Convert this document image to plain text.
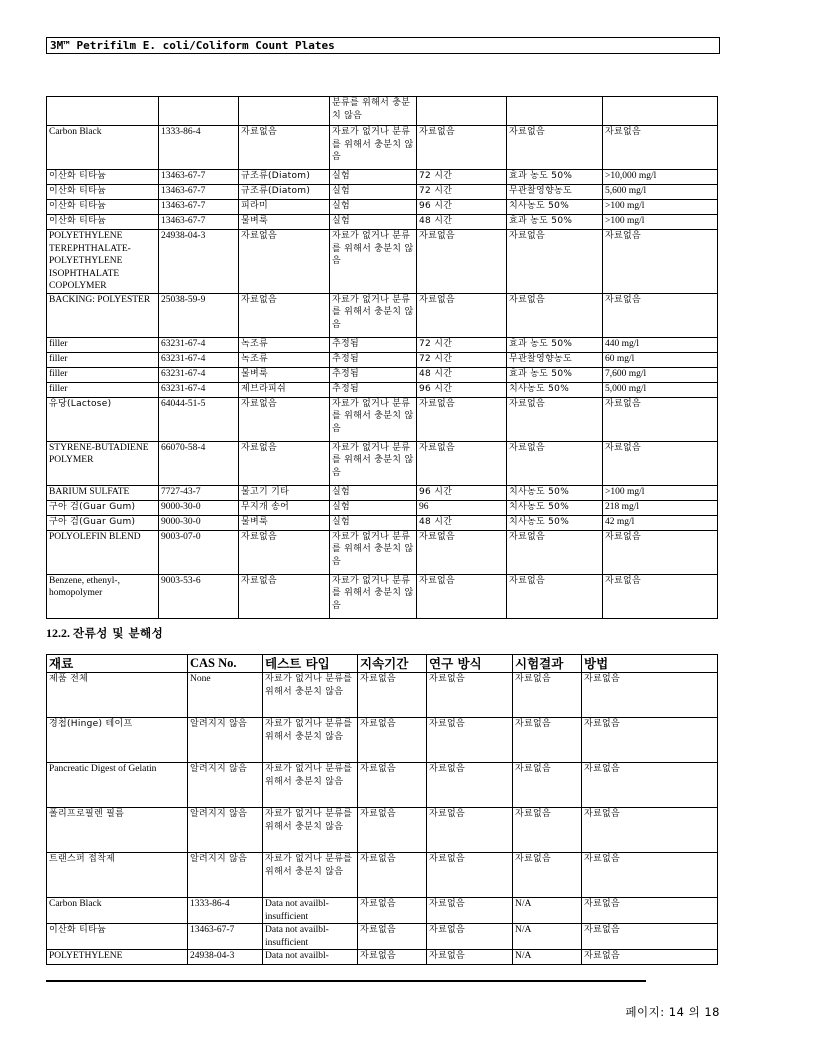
3M™ Petrifilm E. coli/Coliform Count Plates
			분류를 위해서 충분치 않음			
Carbon Black	1333-86-4	자료없음	자료가 없거나 분류를 위해서 충분치 않음	자료없음	자료없음	자료없음
이산화 티타늄	13463-67-7	규조류(Diatom)	실험	72 시간	효과 농도 50%	>10,000 mg/l
이산화 티타늄	13463-67-7	규조류(Diatom)	실험	72 시간	무관찰영향농도	5,600 mg/l
이산화 티타늄	13463-67-7	피라미	실험	96 시간	치사농도 50%	>100 mg/l
이산화 티타늄	13463-67-7	물벼룩	실험	48 시간	효과 농도 50%	>100 mg/l
POLYETHYLENE TEREPHTHALATE-POLYETHYLENE ISOPHTHALATE COPOLYMER	24938-04-3	자료없음	자료가 없거나 분류를 위해서 충분치 않음	자료없음	자료없음	자료없음
BACKING: POLYESTER	25038-59-9	자료없음	자료가 없거나 분류를 위해서 충분치 않음	자료없음	자료없음	자료없음
filler	63231-67-4	녹조류	추정됨	72 시간	효과 농도 50%	440 mg/l
filler	63231-67-4	녹조류	추정됨	72 시간	무관찰영향농도	60 mg/l
filler	63231-67-4	물벼룩	추정됨	48 시간	효과 농도 50%	7,600 mg/l
filler	63231-67-4	제브라피쉬	추정됨	96 시간	치사농도 50%	5,000 mg/l
유당(Lactose)	64044-51-5	자료없음	자료가 없거나 분류를 위해서 충분치 않음	자료없음	자료없음	자료없음
STYRENE-BUTADIENE POLYMER	66070-58-4	자료없음	자료가 없거나 분류를 위해서 충분치 않음	자료없음	자료없음	자료없음
BARIUM SULFATE	7727-43-7	물고기 기타	실험	96 시간	치사농도 50%	>100 mg/l
구아 검(Guar Gum)	9000-30-0	무지개 송어	실험	96	치사농도 50%	218 mg/l
구아 검(Guar Gum)	9000-30-0	물벼룩	실험	48 시간	치사농도 50%	42 mg/l
POLYOLEFIN BLEND	9003-07-0	자료없음	자료가 없거나 분류를 위해서 충분치 않음	자료없음	자료없음	자료없음
Benzene, ethenyl-, homopolymer	9003-53-6	자료없음	자료가 없거나 분류를 위해서 충분치 않음	자료없음	자료없음	자료없음
12.2. 잔류성 및 분해성
재료	CAS No.	테스트 타입	지속기간	연구 방식	시험결과	방법
제품 전체	None	자료가 없거나 분류를 위해서 충분치 않음	자료없음	자료없음	자료없음	자료없음
경첩(Hinge) 테이프	알려지지 않음	자료가 없거나 분류를 위해서 충분치 않음	자료없음	자료없음	자료없음	자료없음
Pancreatic Digest of Gelatin	알려지지 않음	자료가 없거나 분류를 위해서 충분치 않음	자료없음	자료없음	자료없음	자료없음
폴리프로필렌 필름	알려지지 않음	자료가 없거나 분류를 위해서 충분치 않음	자료없음	자료없음	자료없음	자료없음
트랜스퍼 접착제	알려지지 않음	자료가 없거나 분류를 위해서 충분치 않음	자료없음	자료없음	자료없음	자료없음
Carbon Black	1333-86-4	Data not availbl-insufficient	자료없음	자료없음	N/A	자료없음
이산화 티타늄	13463-67-7	Data not availbl-insufficient	자료없음	자료없음	N/A	자료없음
POLYETHYLENE	24938-04-3	Data not availbl-	자료없음	자료없음	N/A	자료없음
페이지: 14 의 18
